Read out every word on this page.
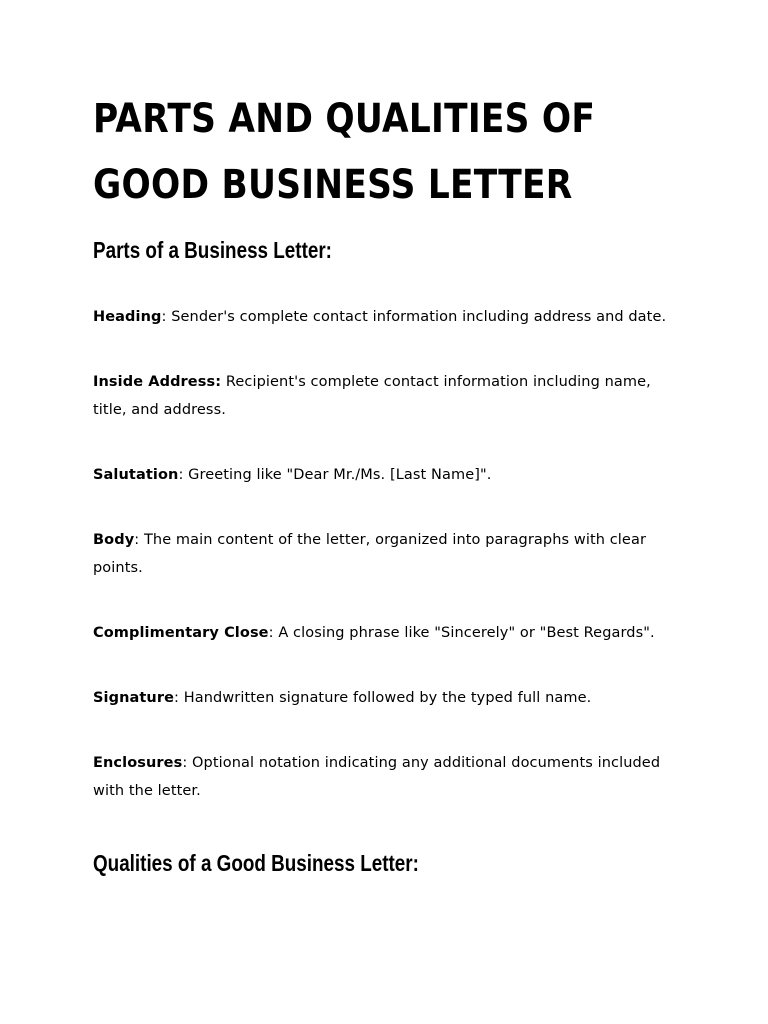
PARTS AND QUALITIES OF GOOD BUSINESS LETTER
Parts of a Business Letter:
Heading: Sender's complete contact information including address and date.
Inside Address: Recipient's complete contact information including name, title, and address.
Salutation: Greeting like "Dear Mr./Ms. [Last Name]".
Body: The main content of the letter, organized into paragraphs with clear points.
Complimentary Close: A closing phrase like "Sincerely" or "Best Regards".
Signature: Handwritten signature followed by the typed full name.
Enclosures: Optional notation indicating any additional documents included with the letter.
Qualities of a Good Business Letter:
